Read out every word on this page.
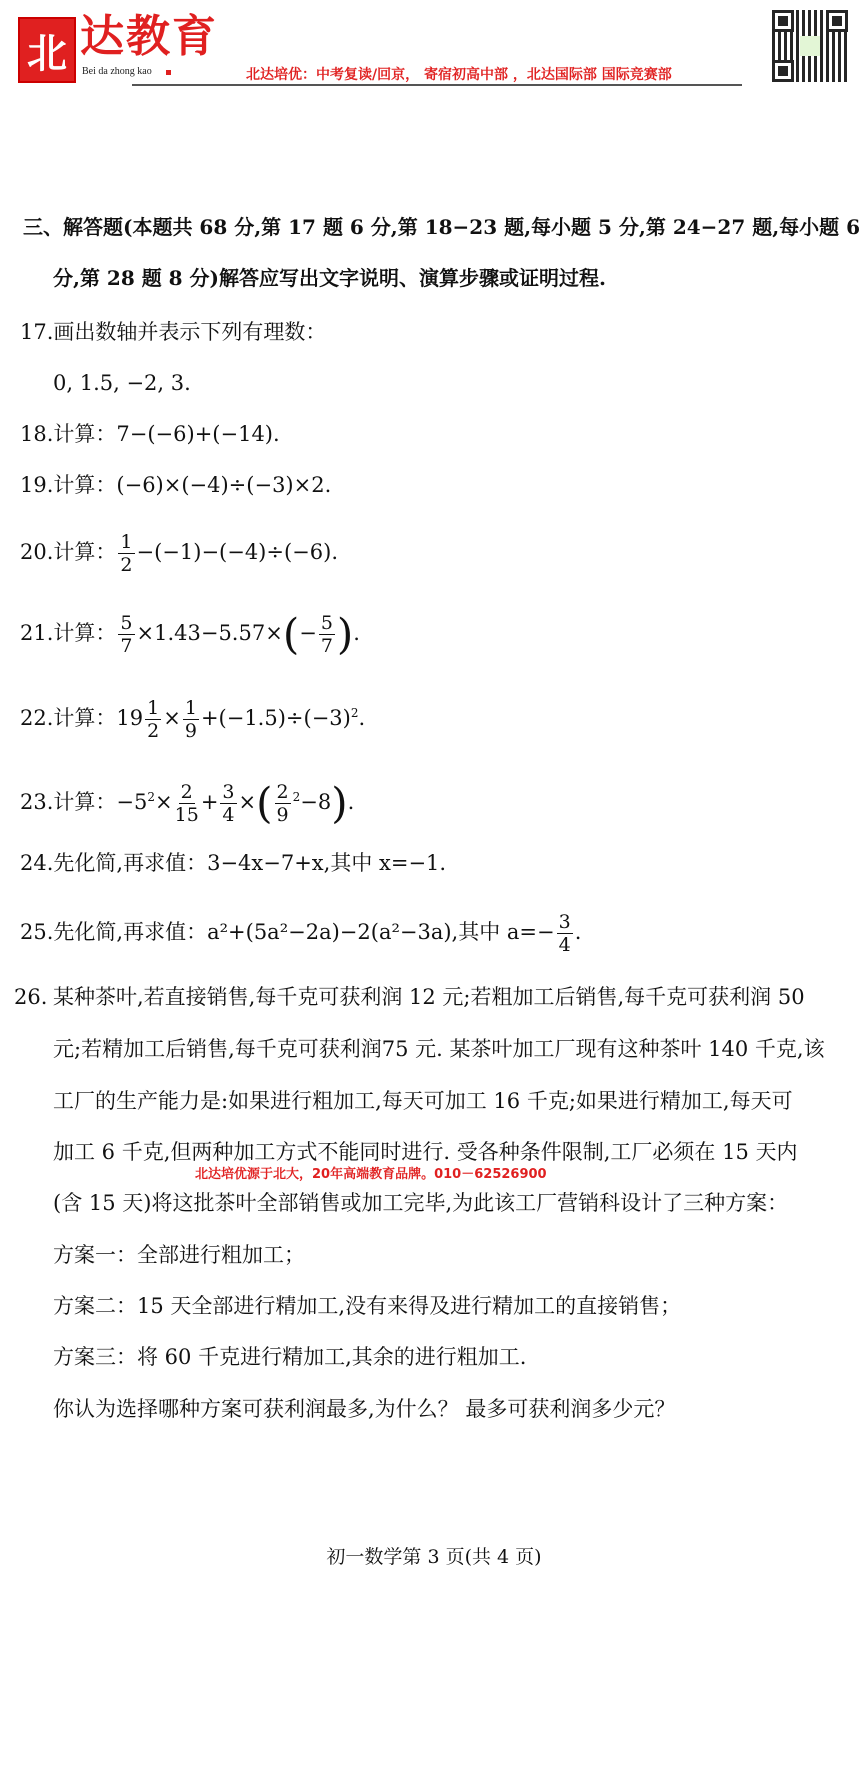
北 达教育
Bei da zhong kao	北达培优：中考复读/回京， 寄宿初高中部 ，北达国际部 国际竞赛部
三、解答题(本题共 68 分,第 17 题 6 分,第 18−23 题,每小题 5 分,第 24−27 题,每小题 6
分,第 28 题 8 分)解答应写出文字说明、演算步骤或证明过程.
17.画出数轴并表示下列有理数：
0, 1.5, −2, 3.
18.计算：7−(−6)+(−14).
19.计算：(−6)×(−4)÷(−3)×2.
20.计算： $\frac{1}{2} -(-1)-(-4)\div(-6)$.
21.计算： $\frac{5}{7} \times 1.43-5.57\times(- \frac{5}{7}$ ).
22.计算：$19 \frac{1}{2} \times \frac{1}{9} +(-1.5)\div(-3)^2$.
23.计算：$-5^2\times \frac{2}{15} + \frac{3}{4}$ ×( $\frac{2}{9} ^2-8$).
24.先化简,再求值：3−4x−7+x,其中 x=−1.
25.先化简,再求值：a²+(5a²−2a)−2(a²−3a),其中 $a=- \frac{3}{4}$ .
26. 某种茶叶,若直接销售,每千克可获利润 12 元;若粗加工后销售,每千克可获利润 50
元;若精加工后销售,每千克可获利润75 元. 某茶叶加工厂现有这种茶叶 140 千克,该
工厂的生产能力是:如果进行粗加工,每天可加工 16 千克;如果进行精加工,每天可
加工 6 千克,但两种加工方式不能同时进行. 受各种条件限制,工厂必须在 15 天内
(含 15 天)将这批茶叶全部销售或加工完毕,为此该工厂营销科设计了三种方案：
方案一：全部进行粗加工；
方案二：15 天全部进行精加工,没有来得及进行精加工的直接销售；
方案三：将 60 千克进行精加工,其余的进行粗加工.
你认为选择哪种方案可获利润最多,为什么？ 最多可获利润多少元？
北达培优源于北大，20年高端教育品牌。010－62526900
初一数学第 3 页(共 4 页)
